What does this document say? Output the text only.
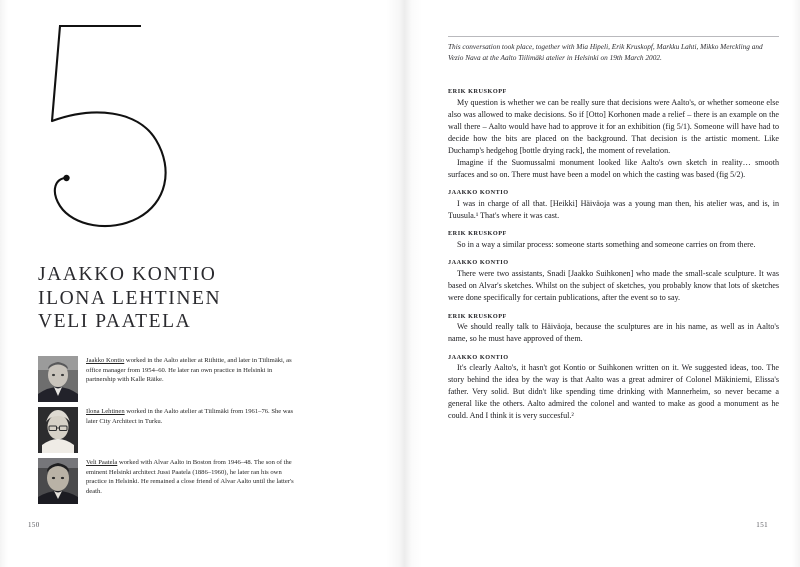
JAAKKO KONTIO
ILONA LEHTINEN
VELI PAATELA
Jaakko Kontio worked in the Aalto atelier at Riihitie, and later in Tiilimäki, as office manager from 1954–60. He later ran own practice in Helsinki in partnership with Kalle Räike.
Ilona Lehtinen worked in the Aalto atelier at Tiilimäki from 1961–76. She was later City Architect in Turku.
Veli Paatela worked with Alvar Aalto in Boston from 1946–48. The son of the eminent Helsinki architect Jussi Paatela (1886–1960), he later ran his own practice in Helsinki. He remained a close friend of Alvar Aalto until the latter's death.
150
This conversation took place, together with Mia Hipeli, Erik Kruskopf, Markku Lahti, Mikko Merckling and Vezio Nava at the Aalto Tiilimäki atelier in Helsinki on 19th March 2002.
ERIK KRUSKOPF

My question is whether we can be really sure that decisions were Aalto's, or whether someone else also was allowed to make decisions. So if [Otto] Korhonen made a relief – there is an example on the wall there – Aalto would have had to approve it for an exhibition (fig 5/1). Someone will have had to decide how the bits are placed on the background. That decision is the artistic moment. Like Duchamp's hedgehog [bottle drying rack], the moment of revelation.

Imagine if the Suomussalmi monument looked like Aalto's own sketch in reality… smooth surfaces and so on. There must have been a model on which the casting was based (fig 5/2).

JAAKKO KONTIO

I was in charge of all that. [Heikki] Häiväoja was a young man then, his atelier was, and is, in Tuusula.¹ That's where it was cast.

ERIK KRUSKOPF

So in a way a similar process: someone starts something and someone carries on from there.

JAAKKO KONTIO

There were two assistants, Snadi [Jaakko Suihkonen] who made the small-scale sculpture. It was based on Alvar's sketches. Whilst on the subject of sketches, you probably know that lots of sketches were done specifically for certain publications, after the event so to say.

ERIK KRUSKOPF

We should really talk to Häiväoja, because the sculptures are in his name, as well as in Aalto's name, so he must have approved of them.

JAAKKO KONTIO

It's clearly Aalto's, it hasn't got Kontio or Suihkonen written on it. We suggested ideas, too. The story behind the idea by the way is that Aalto was a great admirer of Colonel Mäkiniemi, Elissa's father. Very solid. But didn't like spending time drinking with Mannerheim, so never became a general like the others. Aalto admired the colonel and wanted to make as good a monument as he could. And I think it is very succesful.²

151
